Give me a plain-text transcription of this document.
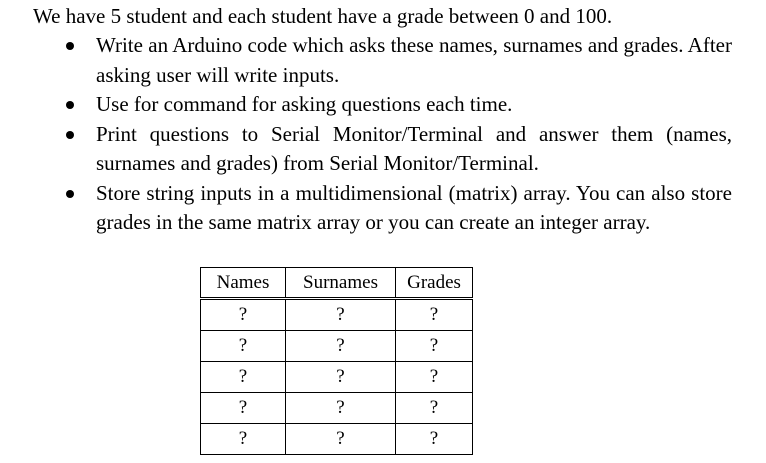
We have 5 student and each student have a grade between 0 and 100.

Write an Arduino code which asks these names, surnames and grades. After asking user will write inputs.
Use for command for asking questions each time.
Print questions to Serial Monitor/Terminal and answer them (names, surnames and grades) from Serial Monitor/Terminal.
Store string inputs in a multidimensional (matrix) array. You can also store grades in the same matrix array or you can create an integer array.
Names	Surnames	Grades
?	?	?
?	?	?
?	?	?
?	?	?
?	?	?
